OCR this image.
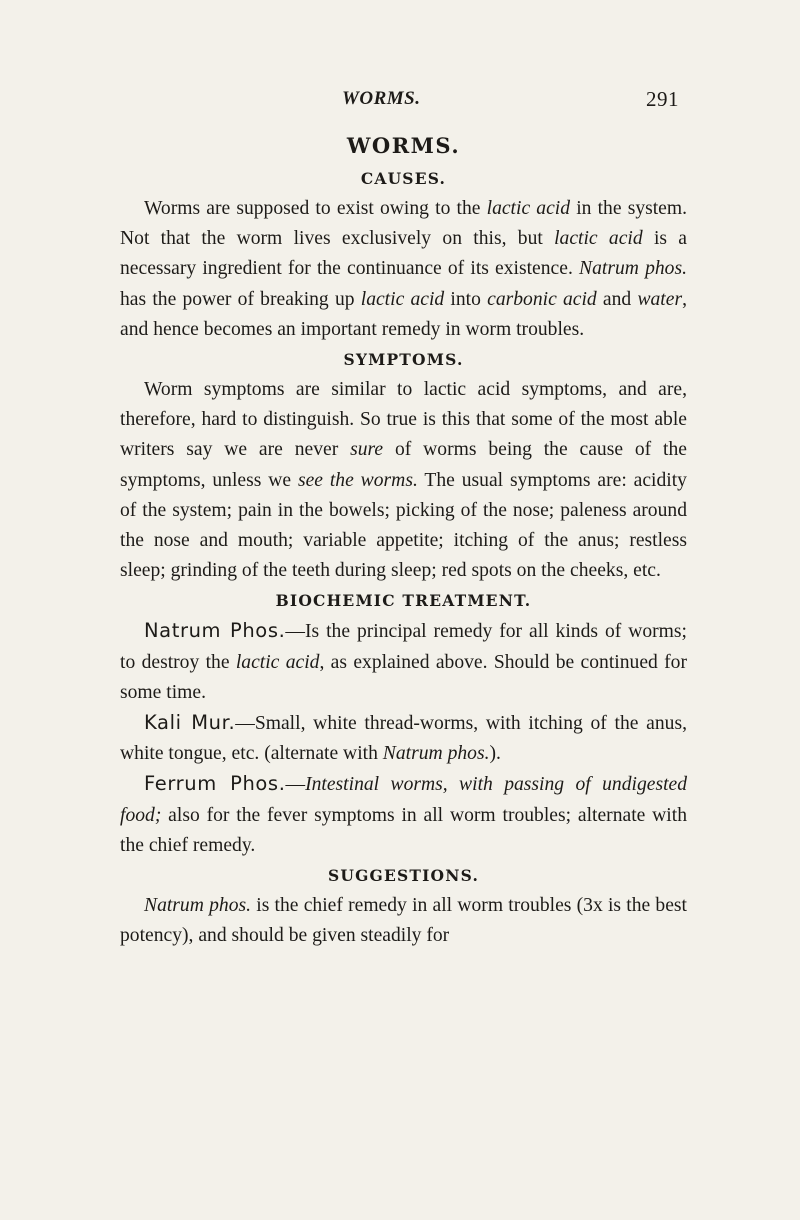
WORMS.	291
WORMS.
CAUSES.

Worms are supposed to exist owing to the lactic acid in the system. Not that the worm lives exclusively on this, but lactic acid is a necessary ingredient for the continuance of its existence. Natrum phos. has the power of breaking up lactic acid into carbonic acid and water, and hence becomes an important remedy in worm troubles.

SYMPTOMS.

Worm symptoms are similar to lactic acid symptoms, and are, therefore, hard to distinguish. So true is this that some of the most able writers say we are never sure of worms being the cause of the symptoms, unless we see the worms. The usual symptoms are: acidity of the system; pain in the bowels; picking of the nose; paleness around the nose and mouth; variable appetite; itching of the anus; restless sleep; grinding of the teeth during sleep; red spots on the cheeks, etc.

BIOCHEMIC TREATMENT.

Natrum Phos.—Is the principal remedy for all kinds of worms; to destroy the lactic acid, as explained above. Should be continued for some time.

Kali Mur.—Small, white thread-worms, with itching of the anus, white tongue, etc. (alternate with Natrum phos.).

Ferrum Phos.—Intestinal worms, with passing of undigested food; also for the fever symptoms in all worm troubles; alternate with the chief remedy.

SUGGESTIONS.

Natrum phos. is the chief remedy in all worm troubles (3x is the best potency), and should be given steadily for
